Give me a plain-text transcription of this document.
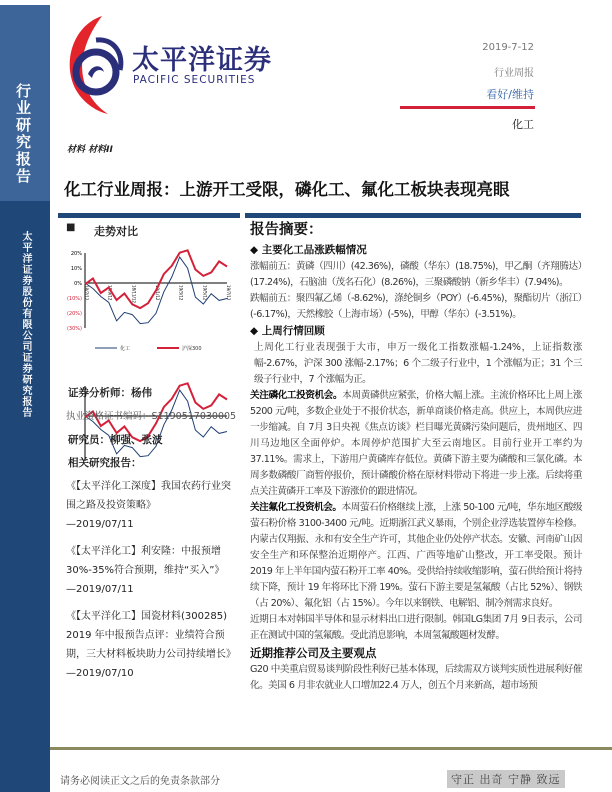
行业研究报告
太平洋证券股份有限公司证券研究报告
太平洋证券
PACIFIC SECURITIES
2019-7-12
行业周报
看好/维持
化工
材料 材料II
化工行业周报：上游开工受限，磷化工、氟化工板块表现亮眼
■ 走势对比
20%
10%
0%
(10%)
(20%)
(30%)
18/7/12	18/9/12	18/11/12	19/1/12	19/3/12	19/5/12	19/7/12
化工	沪深300
证券分析师：杨伟
执业资格证书编码：S1190517030005
研究员：柳强、张波
相关研究报告：

《【太平洋化工深度】我国农药行业突围之路及投资策略》
—2019/07/11

《【太平洋化工】利安隆：中报预增30%-35%符合预期，维持“买入”》
—2019/07/11

《【太平洋化工】国瓷材料(300285) 2019 年中报预告点评：业绩符合预期，三大材料板块助力公司持续增长》 —2019/07/10

报告摘要：
◆ 主要化工品涨跌幅情况

涨幅前五：黄磷（四川）(42.36%)，磷酸（华东）(18.75%)，甲乙酮（齐翔腾达）(17.24%)，石脑油（茂名石化）(8.26%)，三聚磷酸钠（新乡华丰）(7.94%)。

跌幅前五：聚四氟乙烯（-8.62%)，涤纶铜乡（POY）(-6.45%)，聚酯切片（浙江）(-6.17%)，天然橡胶（上海市场）(-5%)，甲醇（华东）(-3.51%)。

◆ 上周行情回顾

上周化工行业表现强于大市，申万一级化工指数涨幅-1.24%，上证指数涨幅-2.67%，沪深 300 涨幅-2.17%；6 个二级子行业中，1 个涨幅为正；31 个三级子行业中，7 个涨幅为正。

关注磷化工投资机会。本周黄磷供应紧张，价格大幅上涨。主流价格环比上周上涨 5200 元/吨，多数企业处于不报价状态，新单商谈价格走高。供应上，本周供应进一步缩减。自 7月 3日央视《焦点访谈》栏目曝光黄磷污染问题后，贵州地区、四川马边地区全面停炉。本周停炉范围扩大至云南地区。目前行业开工率约为 37.11%。需求上，下游用户黄磷库存低位。黄磷下游主要为磷酸和三氯化磷。本周多数磷酸厂商暂停报价，预计磷酸价格在原材料带动下将进一步上涨。后续将重点关注黄磷开工率及下游涨价的跟进情况。

关注氟化工投资机会。本周萤石价格继续上涨，上涨 50-100 元/吨，华东地区酸级萤石粉价格 3100-3400 元/吨。近期浙江武义暴雨，个别企业浮选装置停车检修。内蒙古仅翔振、永和有安全生产许可，其他企业仍处停产状态。安徽、河南矿山因安全生产和环保整治近期停产。江西、广西等地矿山整改，开工率受限。预计 2019 年上半年国内萤石粉开工率 40%。受供给持续收缩影响，萤石供给预计将持续下降，预计 19 年将环比下滑 19%。萤石下游主要是氢氟酸（占比 52%）、钢铁（占 20%）、氟化铝（占 15%）。今年以来钢铁、电解铝、制冷剂需求良好。

近期日本对韩国半导体和显示材料出口进行限制。韩国LG集团 7月 9日表示，公司正在测试中国的氢氟酸。受此消息影响，本周氢氟酸题材发酵。

近期推荐公司及主要观点

G20 中美重启贸易谈判阶段性利好已基本体现，后续需双方谈判实质性进展利好催化。美国 6 月非农就业人口增加22.4 万人，创五个月来新高，超市场预

请务必阅读正文之后的免责条款部分	守正 出奇 宁静 致远
